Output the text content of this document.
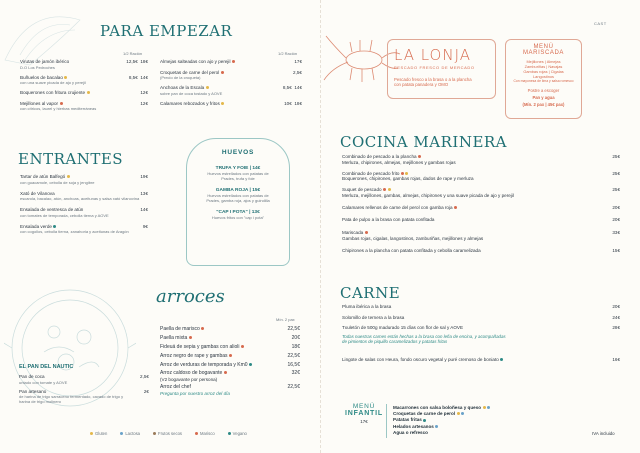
PARA EMPEZAR
1/2 Ración	1/2 Ración
Virutas de jamón ibérico	12,5€ 18€
D.O Los Pedroches
Buñuelos de bacalao	8,5€ 14€
con una suave picada de ajo y perejil
Boquerones con fritura crujiente	12€
Mejillones al vapor	12€
con cítricos, laurel y hierbas mediterráneas
Almejas salteadas con ajo y perejil	17€
Croquetas de carne del perol	2,5€
(Precio de la croqueta)
Anchoas de la Escala	8,5€ 14€
sobre pan de coca tostado y AOVE
Calamares rebozados y fritos	10€ 18€
ENTRANTES
Tartar de atún Balfegó	19€
con guacamole, cebolla de soja y jengibre
Xató de Vilanova	13€
escarola, bacalao, atún, anchoas, aceitunas y salsa xató vilanovina
Ensalada de ventresca de atún	14€
con tomates de temporada, cebolla tierna y AOVE
Ensalada verde	9€
con cogollos, cebolla tierna, zanahoria y aceitunas de Aragón
HUEVOS
TRUFA Y FOIE | 14€
Huevos estrellados con patatas de Prades, trufa y foie
GAMBA ROJA | 15€
Huevos estrellados con patatas de Prades, gamba roja, ajos y guindilla
"CAP I POTA" | 13€
Huevos fritos con "cap i pota"
arroces
Mín. 2 pax
Paella de marisco	22,5€
Paella mixta	20€
Fideuá de sepia y gambas con alioli	18€
Arroz negro de rape y gambas	22,5€
Arroz de verduras de temporada y Km0	16,5€
Arroz caldoso de bogavante	32€
(V2 bogavante por persona)
Arroz del chef	22,5€
Pregunta por nuestro arroz del día
EL PAN DEL NAUTIC
Pan de coca	2,5€
untado con tomate y AOVE
Pan artesano	2€
de harina de trigo sarraceno fermentado, cavado de trigo y harina de trigo molinero
Gluten	Lactosa	Frutos secos	Marisco	Vegano
CAST
LA LONJA
PESCADO FRESCO DE MERCADO
Pescado fresco a la brasa o a la plancha con patata panadera y OMO
MENÚ
MARISCADA
Mejillones | Almejas
Zamburiñas | Navajas
Gambas rojas | Cigalas
Langostinos
Con mayonesa de lima y salsa romesco
Postre a escoger
Pan y agua
(Mín. 2 pax | 45€ pax)
COCINA MARINERA
Combinado de pescado a la plancha	25€
Merluza, chipirones, almejas, mejillones y gambas rojas
Combinado de pescado frito	25€
Boquerones, chipirones, gambas rojas, dados de rape y merluza
Suquet de pescado	25€
Merluza, mejillones, gambas, almejas, chipirones y una suave picada de ajo y perejil
Calamares rellenos de carne del perol con gamba roja	20€
Pata de pulpo a la brasa con patata confitada	20€
Mariscada	33€
Gambas rojas, cigalas, langostinos, zamburiñas, mejillones y almejas
Chipirones a la plancha con patata confitada y cebolla caramelizada	15€
CARNE
Pluma ibérica a la brasa	20€
Solomillo de ternera a la brasa	24€
Txuletón de 500g madurado 15 días con flor de sal y AOVE	28€
Todas nuestras carnes están hechas a la brasa con leña de encina, y acompañadas de pimientos de piquillo caramelizados y patatas fritas
Lingote de salas con Heura, fondo oscuro vegetal y puré cremoso de boniato	16€
MENÚ
INFANTIL
17€
Macarrones con salsa boloñesa y queso
Croquetas de carne de perol
Patatas fritas
Helados artesanos
Agua o refresco	IVA incluido
